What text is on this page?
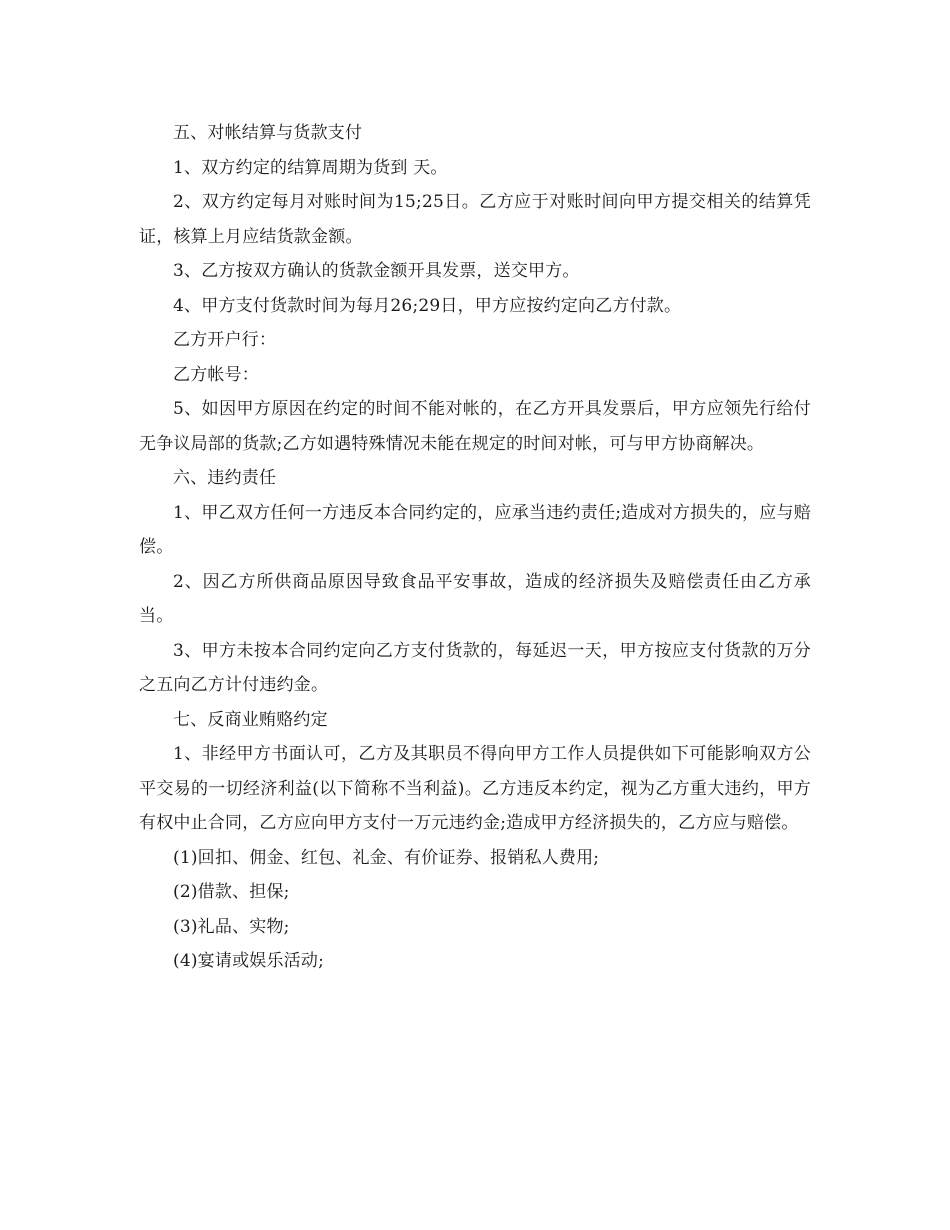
五、对帐结算与货款支付

1、双方约定的结算周期为货到 天。

2、双方约定每月对账时间为15;25日。乙方应于对账时间向甲方提交相关的结算凭证，核算上月应结货款金额。

3、乙方按双方确认的货款金额开具发票，送交甲方。

4、甲方支付货款时间为每月26;29日，甲方应按约定向乙方付款。

乙方开户行：

乙方帐号：

5、如因甲方原因在约定的时间不能对帐的，在乙方开具发票后，甲方应领先行给付无争议局部的货款;乙方如遇特殊情况未能在规定的时间对帐，可与甲方协商解决。

六、违约责任

1、甲乙双方任何一方违反本合同约定的，应承当违约责任;造成对方损失的，应与赔偿。

2、因乙方所供商品原因导致食品平安事故，造成的经济损失及赔偿责任由乙方承当。

3、甲方未按本合同约定向乙方支付货款的，每延迟一天，甲方按应支付货款的万分之五向乙方计付违约金。

七、反商业贿赂约定

1、非经甲方书面认可，乙方及其职员不得向甲方工作人员提供如下可能影响双方公平交易的一切经济利益(以下简称不当利益)。乙方违反本约定，视为乙方重大违约，甲方有权中止合同，乙方应向甲方支付一万元违约金;造成甲方经济损失的，乙方应与赔偿。

(1)回扣、佣金、红包、礼金、有价证券、报销私人费用;

(2)借款、担保;

(3)礼品、实物;

(4)宴请或娱乐活动;
